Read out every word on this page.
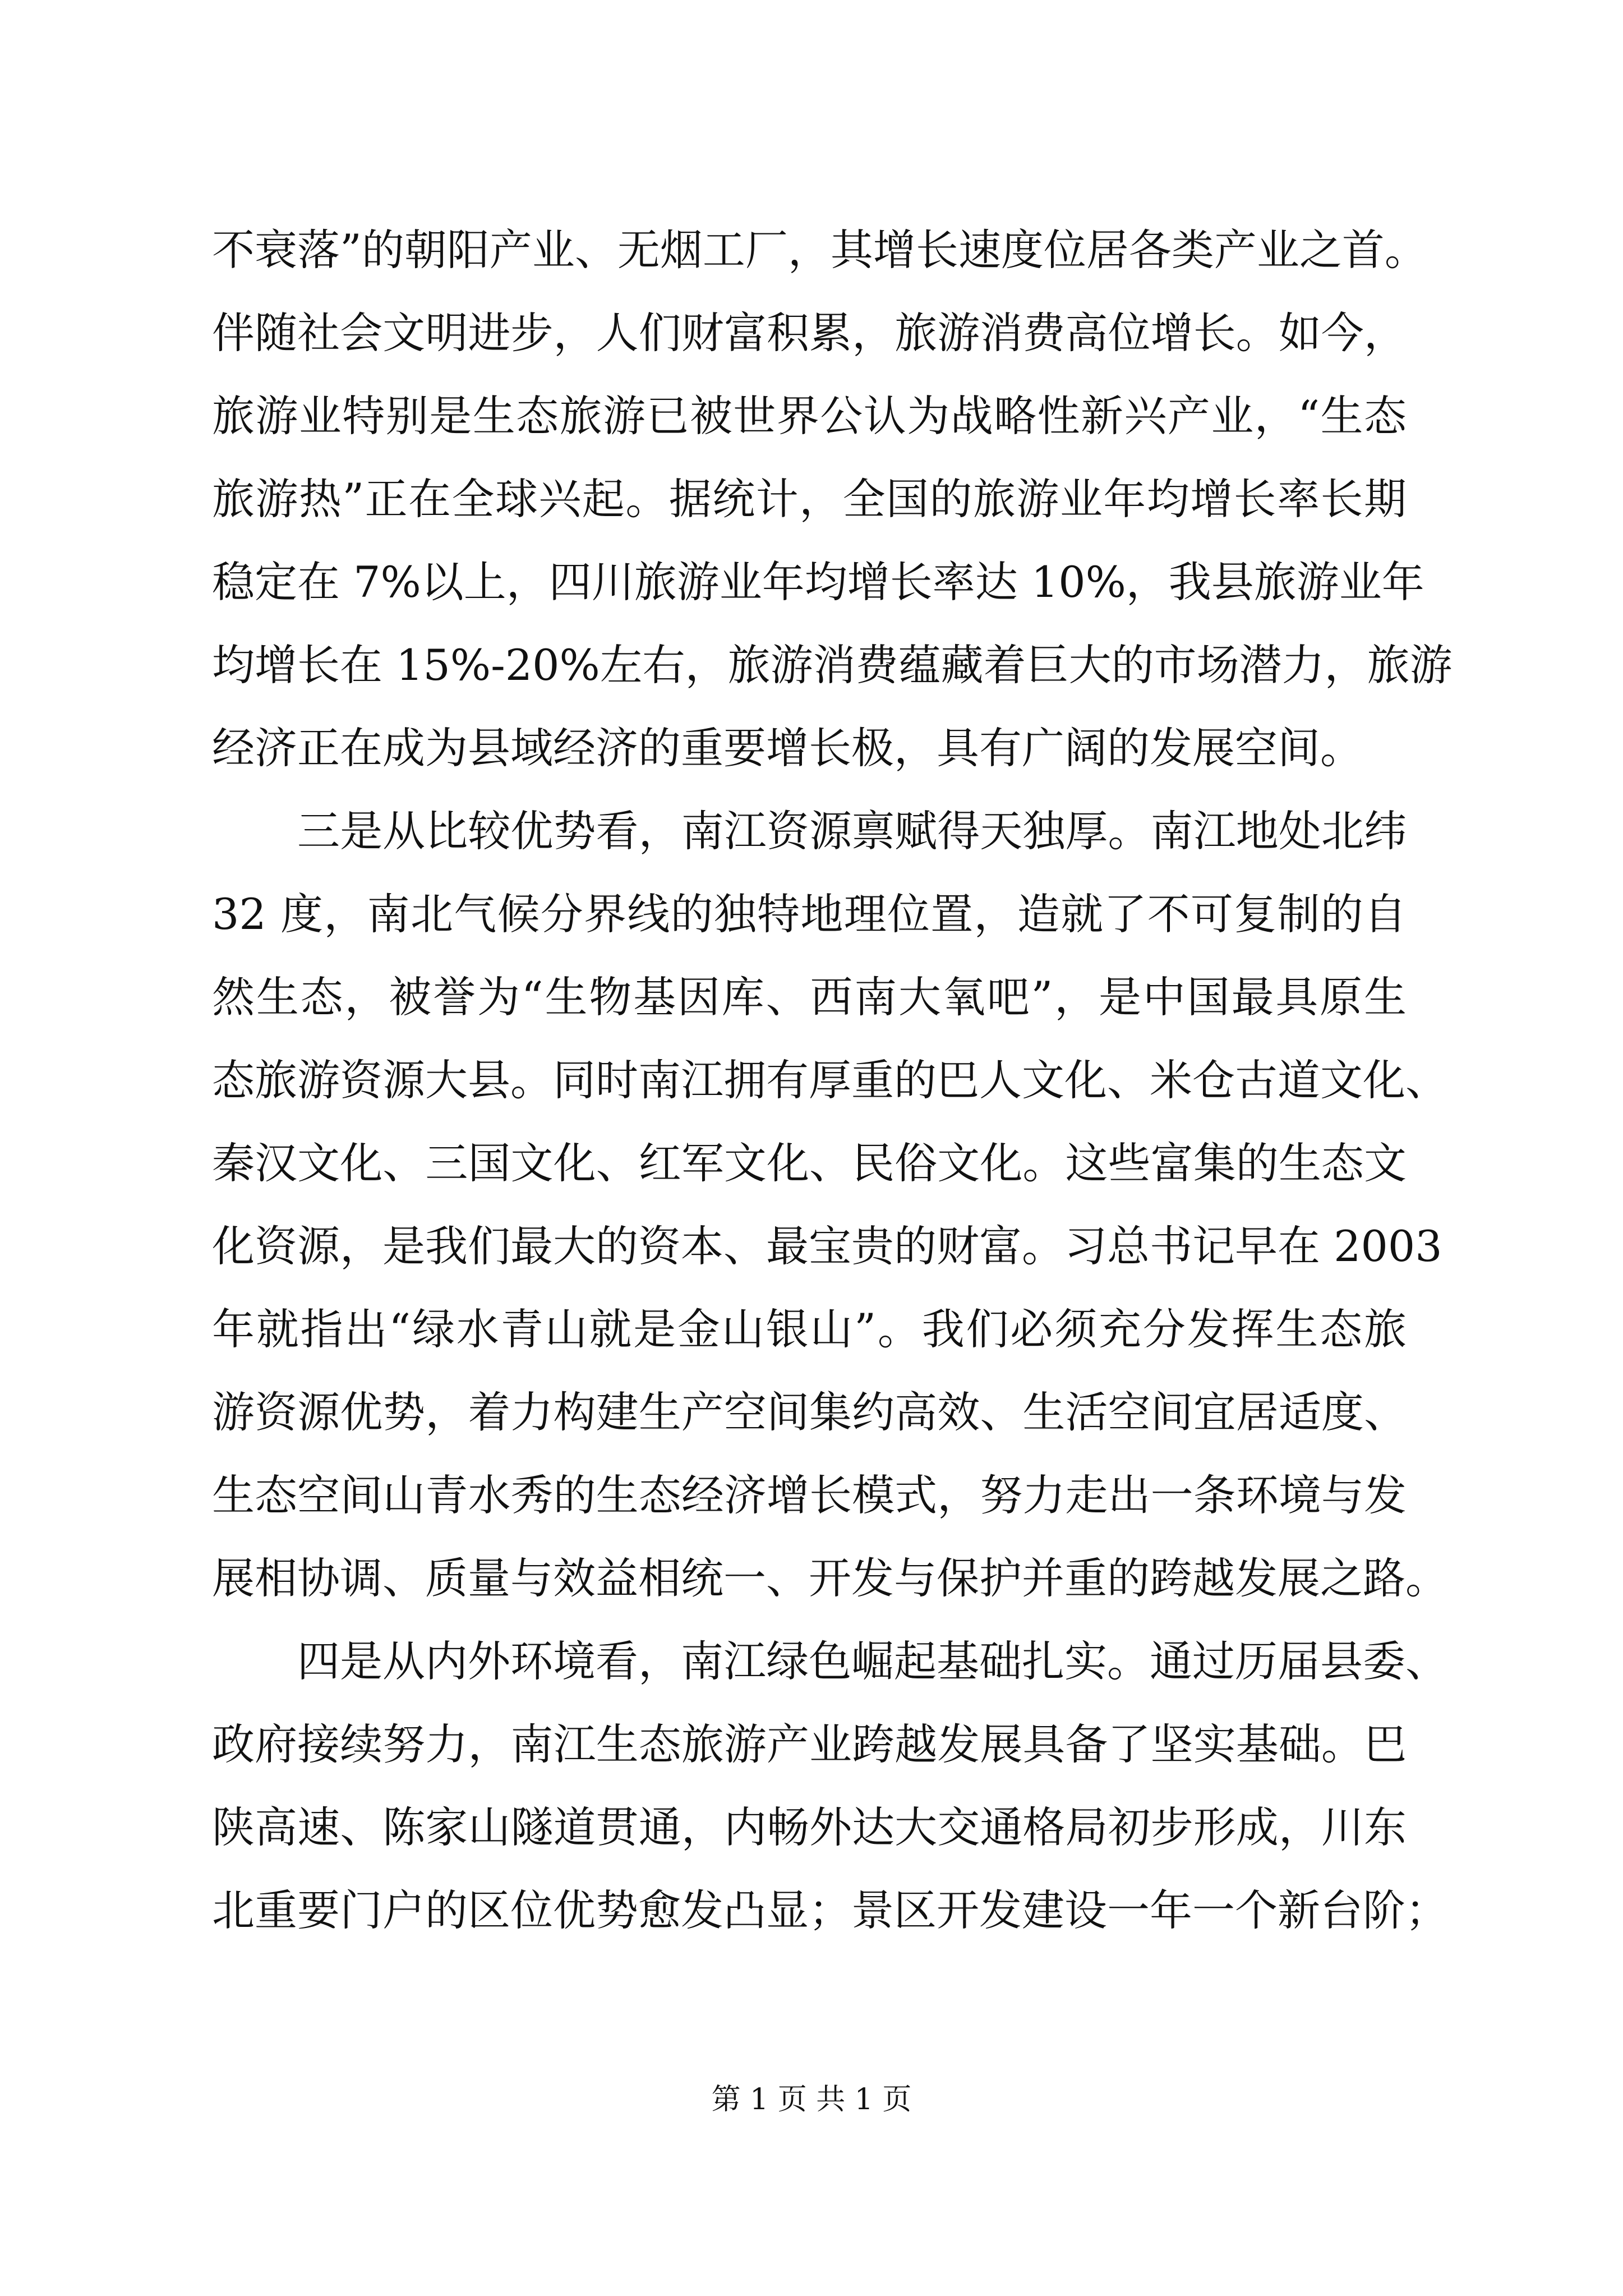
不衰落”的朝阳产业、无烟工厂，其增长速度位居各类产业之首。
伴随社会文明进步，人们财富积累，旅游消费高位增长。如今，
旅游业特别是生态旅游已被世界公认为战略性新兴产业，“生态
旅游热”正在全球兴起。据统计，全国的旅游业年均增长率长期
稳定在 7%以上，四川旅游业年均增长率达 10%，我县旅游业年
均增长在 15%-20%左右，旅游消费蕴藏着巨大的市场潜力，旅游
经济正在成为县域经济的重要增长极，具有广阔的发展空间。
三是从比较优势看，南江资源禀赋得天独厚。南江地处北纬
32 度，南北气候分界线的独特地理位置，造就了不可复制的自
然生态，被誉为“生物基因库、西南大氧吧”，是中国最具原生
态旅游资源大县。同时南江拥有厚重的巴人文化、米仓古道文化、
秦汉文化、三国文化、红军文化、民俗文化。这些富集的生态文
化资源，是我们最大的资本、最宝贵的财富。习总书记早在 2003
年就指出“绿水青山就是金山银山”。我们必须充分发挥生态旅
游资源优势，着力构建生产空间集约高效、生活空间宜居适度、
生态空间山青水秀的生态经济增长模式，努力走出一条环境与发
展相协调、质量与效益相统一、开发与保护并重的跨越发展之路。
四是从内外环境看，南江绿色崛起基础扎实。通过历届县委、
政府接续努力，南江生态旅游产业跨越发展具备了坚实基础。巴
陕高速、陈家山隧道贯通，内畅外达大交通格局初步形成，川东
北重要门户的区位优势愈发凸显；景区开发建设一年一个新台阶；
第 1 页 共 1 页
